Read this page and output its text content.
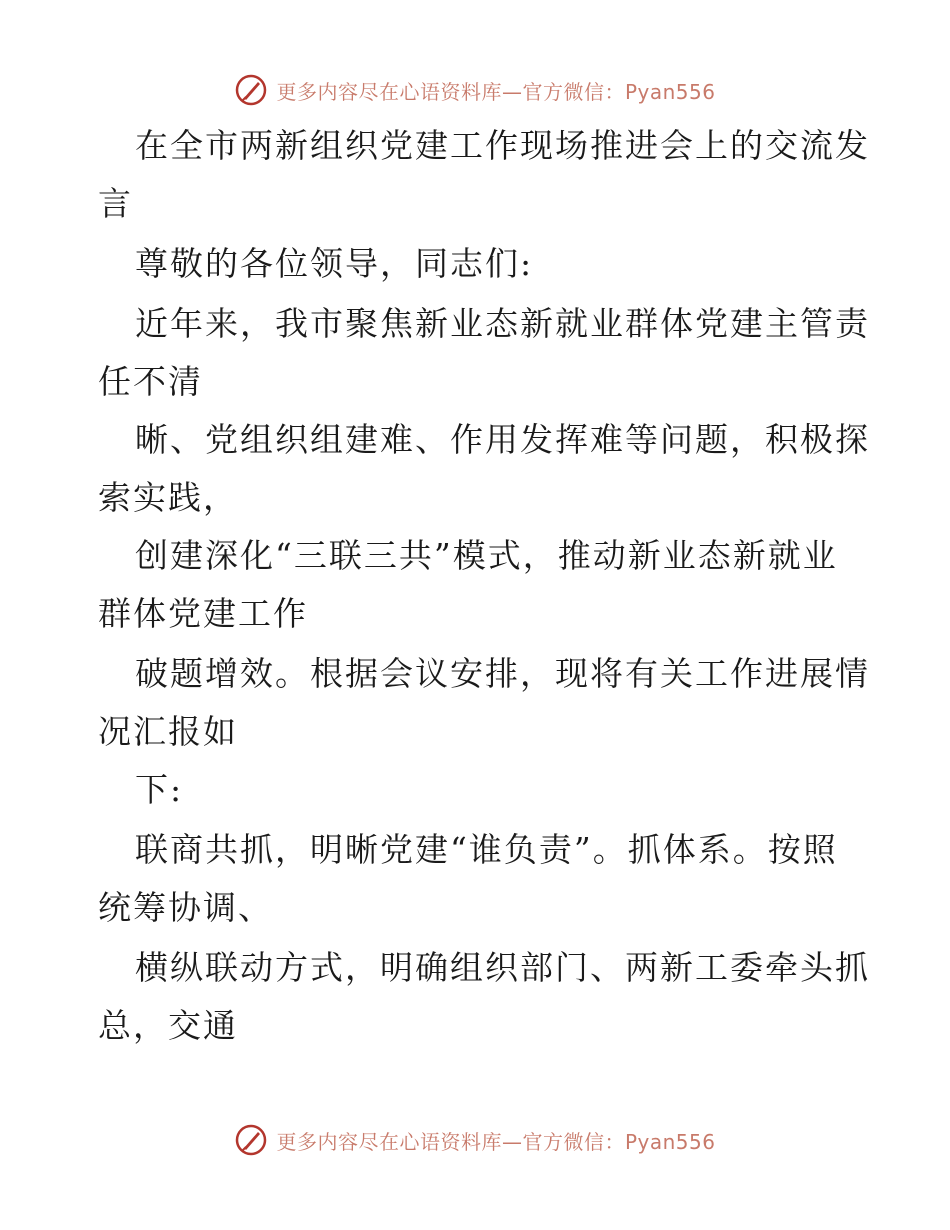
更多内容尽在心语资料库—官方微信：Pyan556
在全市两新组织党建工作现场推进会上的交流发
言
尊敬的各位领导，同志们:
近年来，我市聚焦新业态新就业群体党建主管责
任不清
晰、党组织组建难、作用发挥难等问题，积极探
索实践，
创建深化“三联三共”模式，推动新业态新就业
群体党建工作
破题增效。根据会议安排，现将有关工作进展情
况汇报如
下:
联商共抓，明晰党建“谁负责”。抓体系。按照
统筹协调、
横纵联动方式，明确组织部门、两新工委牵头抓
总，交通
更多内容尽在心语资料库—官方微信：Pyan556
